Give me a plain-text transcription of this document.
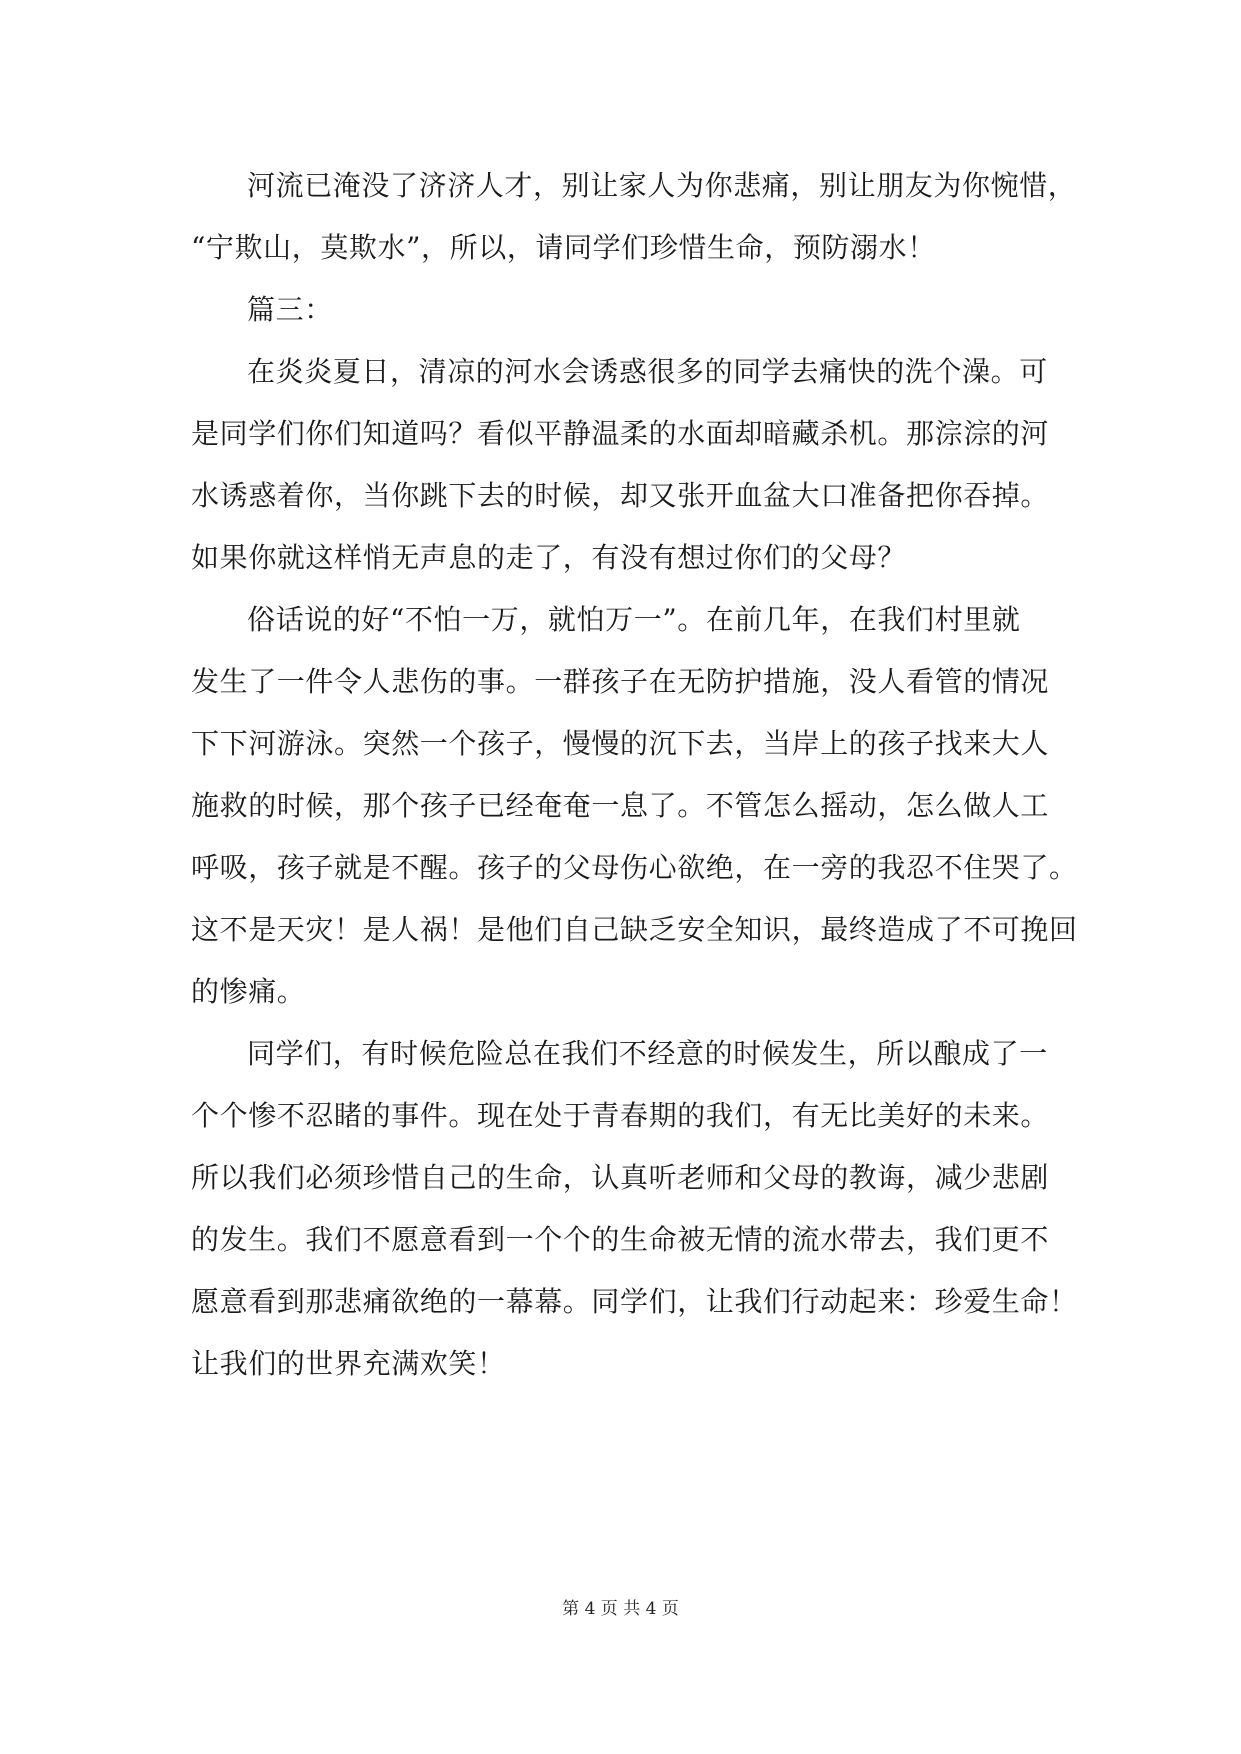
河流已淹没了济济人才，别让家人为你悲痛，别让朋友为你惋惜，
“宁欺山，莫欺水”，所以，请同学们珍惜生命，预防溺水！
篇三：
在炎炎夏日，清凉的河水会诱惑很多的同学去痛快的洗个澡。可
是同学们你们知道吗？看似平静温柔的水面却暗藏杀机。那淙淙的河
水诱惑着你，当你跳下去的时候，却又张开血盆大口准备把你吞掉。
如果你就这样悄无声息的走了，有没有想过你们的父母？
俗话说的好“不怕一万，就怕万一”。在前几年，在我们村里就
发生了一件令人悲伤的事。一群孩子在无防护措施，没人看管的情况
下下河游泳。突然一个孩子，慢慢的沉下去，当岸上的孩子找来大人
施救的时候，那个孩子已经奄奄一息了。不管怎么摇动，怎么做人工
呼吸，孩子就是不醒。孩子的父母伤心欲绝，在一旁的我忍不住哭了。
这不是天灾！是人祸！是他们自己缺乏安全知识，最终造成了不可挽回
的惨痛。
同学们，有时候危险总在我们不经意的时候发生，所以酿成了一
个个惨不忍睹的事件。现在处于青春期的我们，有无比美好的未来。
所以我们必须珍惜自己的生命，认真听老师和父母的教诲，减少悲剧
的发生。我们不愿意看到一个个的生命被无情的流水带去，我们更不
愿意看到那悲痛欲绝的一幕幕。同学们，让我们行动起来：珍爱生命！
让我们的世界充满欢笑！
第 4 页 共 4 页
